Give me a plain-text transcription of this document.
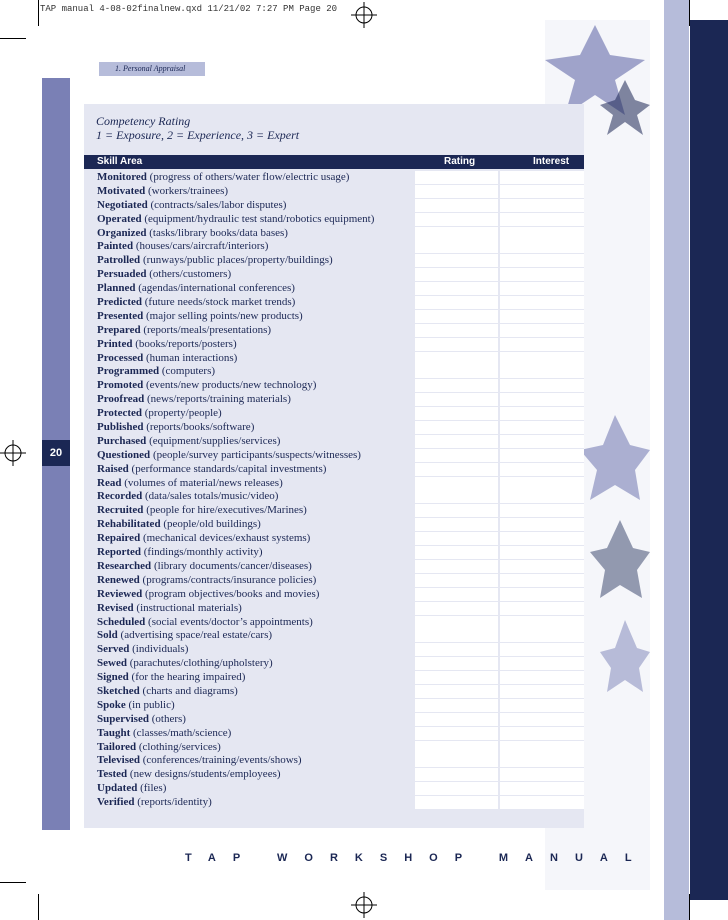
TAP manual 4-08-02finalnew.qxd 11/21/02 7:27 PM Page 20
20
1. Personal Appraisal
Competency Rating
1 = Exposure, 2 = Experience, 3 = Expert
Skill Area	Rating	Interest
Monitored (progress of others/water flow/electric usage)
Motivated (workers/trainees)
Negotiated (contracts/sales/labor disputes)
Operated (equipment/hydraulic test stand/robotics equipment)
Organized (tasks/library books/data bases)
Painted (houses/cars/aircraft/interiors)
Patrolled (runways/public places/property/buildings)
Persuaded (others/customers)
Planned (agendas/international conferences)
Predicted (future needs/stock market trends)
Presented (major selling points/new products)
Prepared (reports/meals/presentations)
Printed (books/reports/posters)
Processed (human interactions)
Programmed (computers)
Promoted (events/new products/new technology)
Proofread (news/reports/training materials)
Protected (property/people)
Published (reports/books/software)
Purchased (equipment/supplies/services)
Questioned (people/survey participants/suspects/witnesses)
Raised (performance standards/capital investments)
Read (volumes of material/news releases)
Recorded (data/sales totals/music/video)
Recruited (people for hire/executives/Marines)
Rehabilitated (people/old buildings)
Repaired (mechanical devices/exhaust systems)
Reported (findings/monthly activity)
Researched (library documents/cancer/diseases)
Renewed (programs/contracts/insurance policies)
Reviewed (program objectives/books and movies)
Revised (instructional materials)
Scheduled (social events/doctor’s appointments)
Sold (advertising space/real estate/cars)
Served (individuals)
Sewed (parachutes/clothing/upholstery)
Signed (for the hearing impaired)
Sketched (charts and diagrams)
Spoke (in public)
Supervised (others)
Taught (classes/math/science)
Tailored (clothing/services)
Televised (conferences/training/events/shows)
Tested (new designs/students/employees)
Updated (files)
Verified (reports/identity)
TAP WORKSHOP MANUAL
